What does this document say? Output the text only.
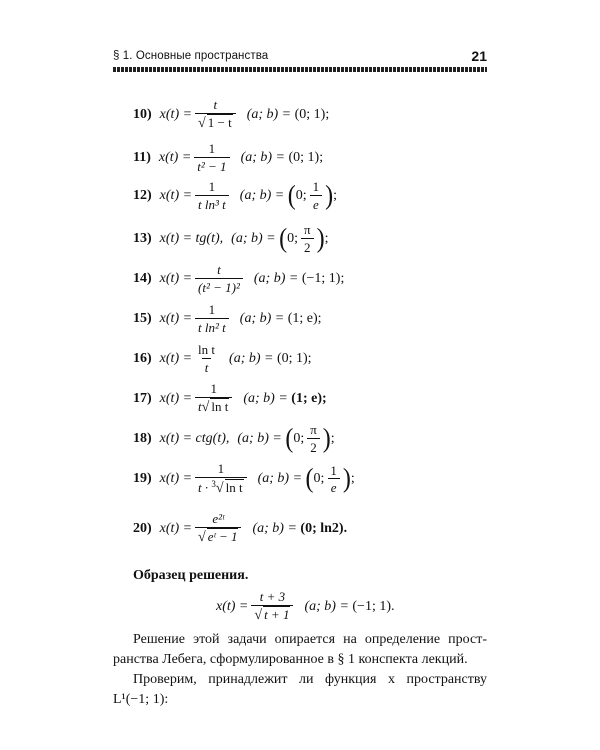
§ 1. Основные пространства	21
10) $x(t) = \frac{t}{√ 1 - t} (a$; b) =
(0; 1);
11) $x(t) = \frac{1}{\text{t² − 1}} (a$; b) =
(0; 1);
12) $x(t) = \frac{1}{\text{t ln³ t}} (a$; b) =
( 0; $\frac{1}{e}$ ) ;
13) x(t) = tg(t), (a; b) =
( 0; $\frac{\pi}{2}$ ) ;
14) $x(t) = \frac{t}{\text{(t² − 1)²}} (a$; b) =
(−1; 1);
15) $x(t) = \frac{1}{\text{t ln² t}} (a$; b) =
(1; e);
16) $x(t) = \frac{\text{ln t}}{t} (a$; b) =
(0; 1);
17) $x(t) = \frac{1}{\text{t√ ln t}} (a$; b) =
(1; e);
18) x(t) = ctg(t), (a; b) =
( 0; $\frac{\pi}{2}$ ) ;
19) $x(t) = \frac{1}{t \cdot ^3√ \ln t} (a$; b) =
( 0; $\frac{1}{e}$ ) ;
20) $x(t) = \frac{\text{e²ᵗ}}{\text{√ eᵗ − 1}} (a$; b) =
(0; ln2).
Образец решения.
$x(t) = \frac{t + 3}{√ t + 1} (a$; b) =
(−1; 1).
Решение этой задачи опирается на определение прост-
ранства Лебега, сформулированное в § 1 конспекта лекций.
Проверим, принадлежит ли функция x пространству
L¹(−1; 1):
